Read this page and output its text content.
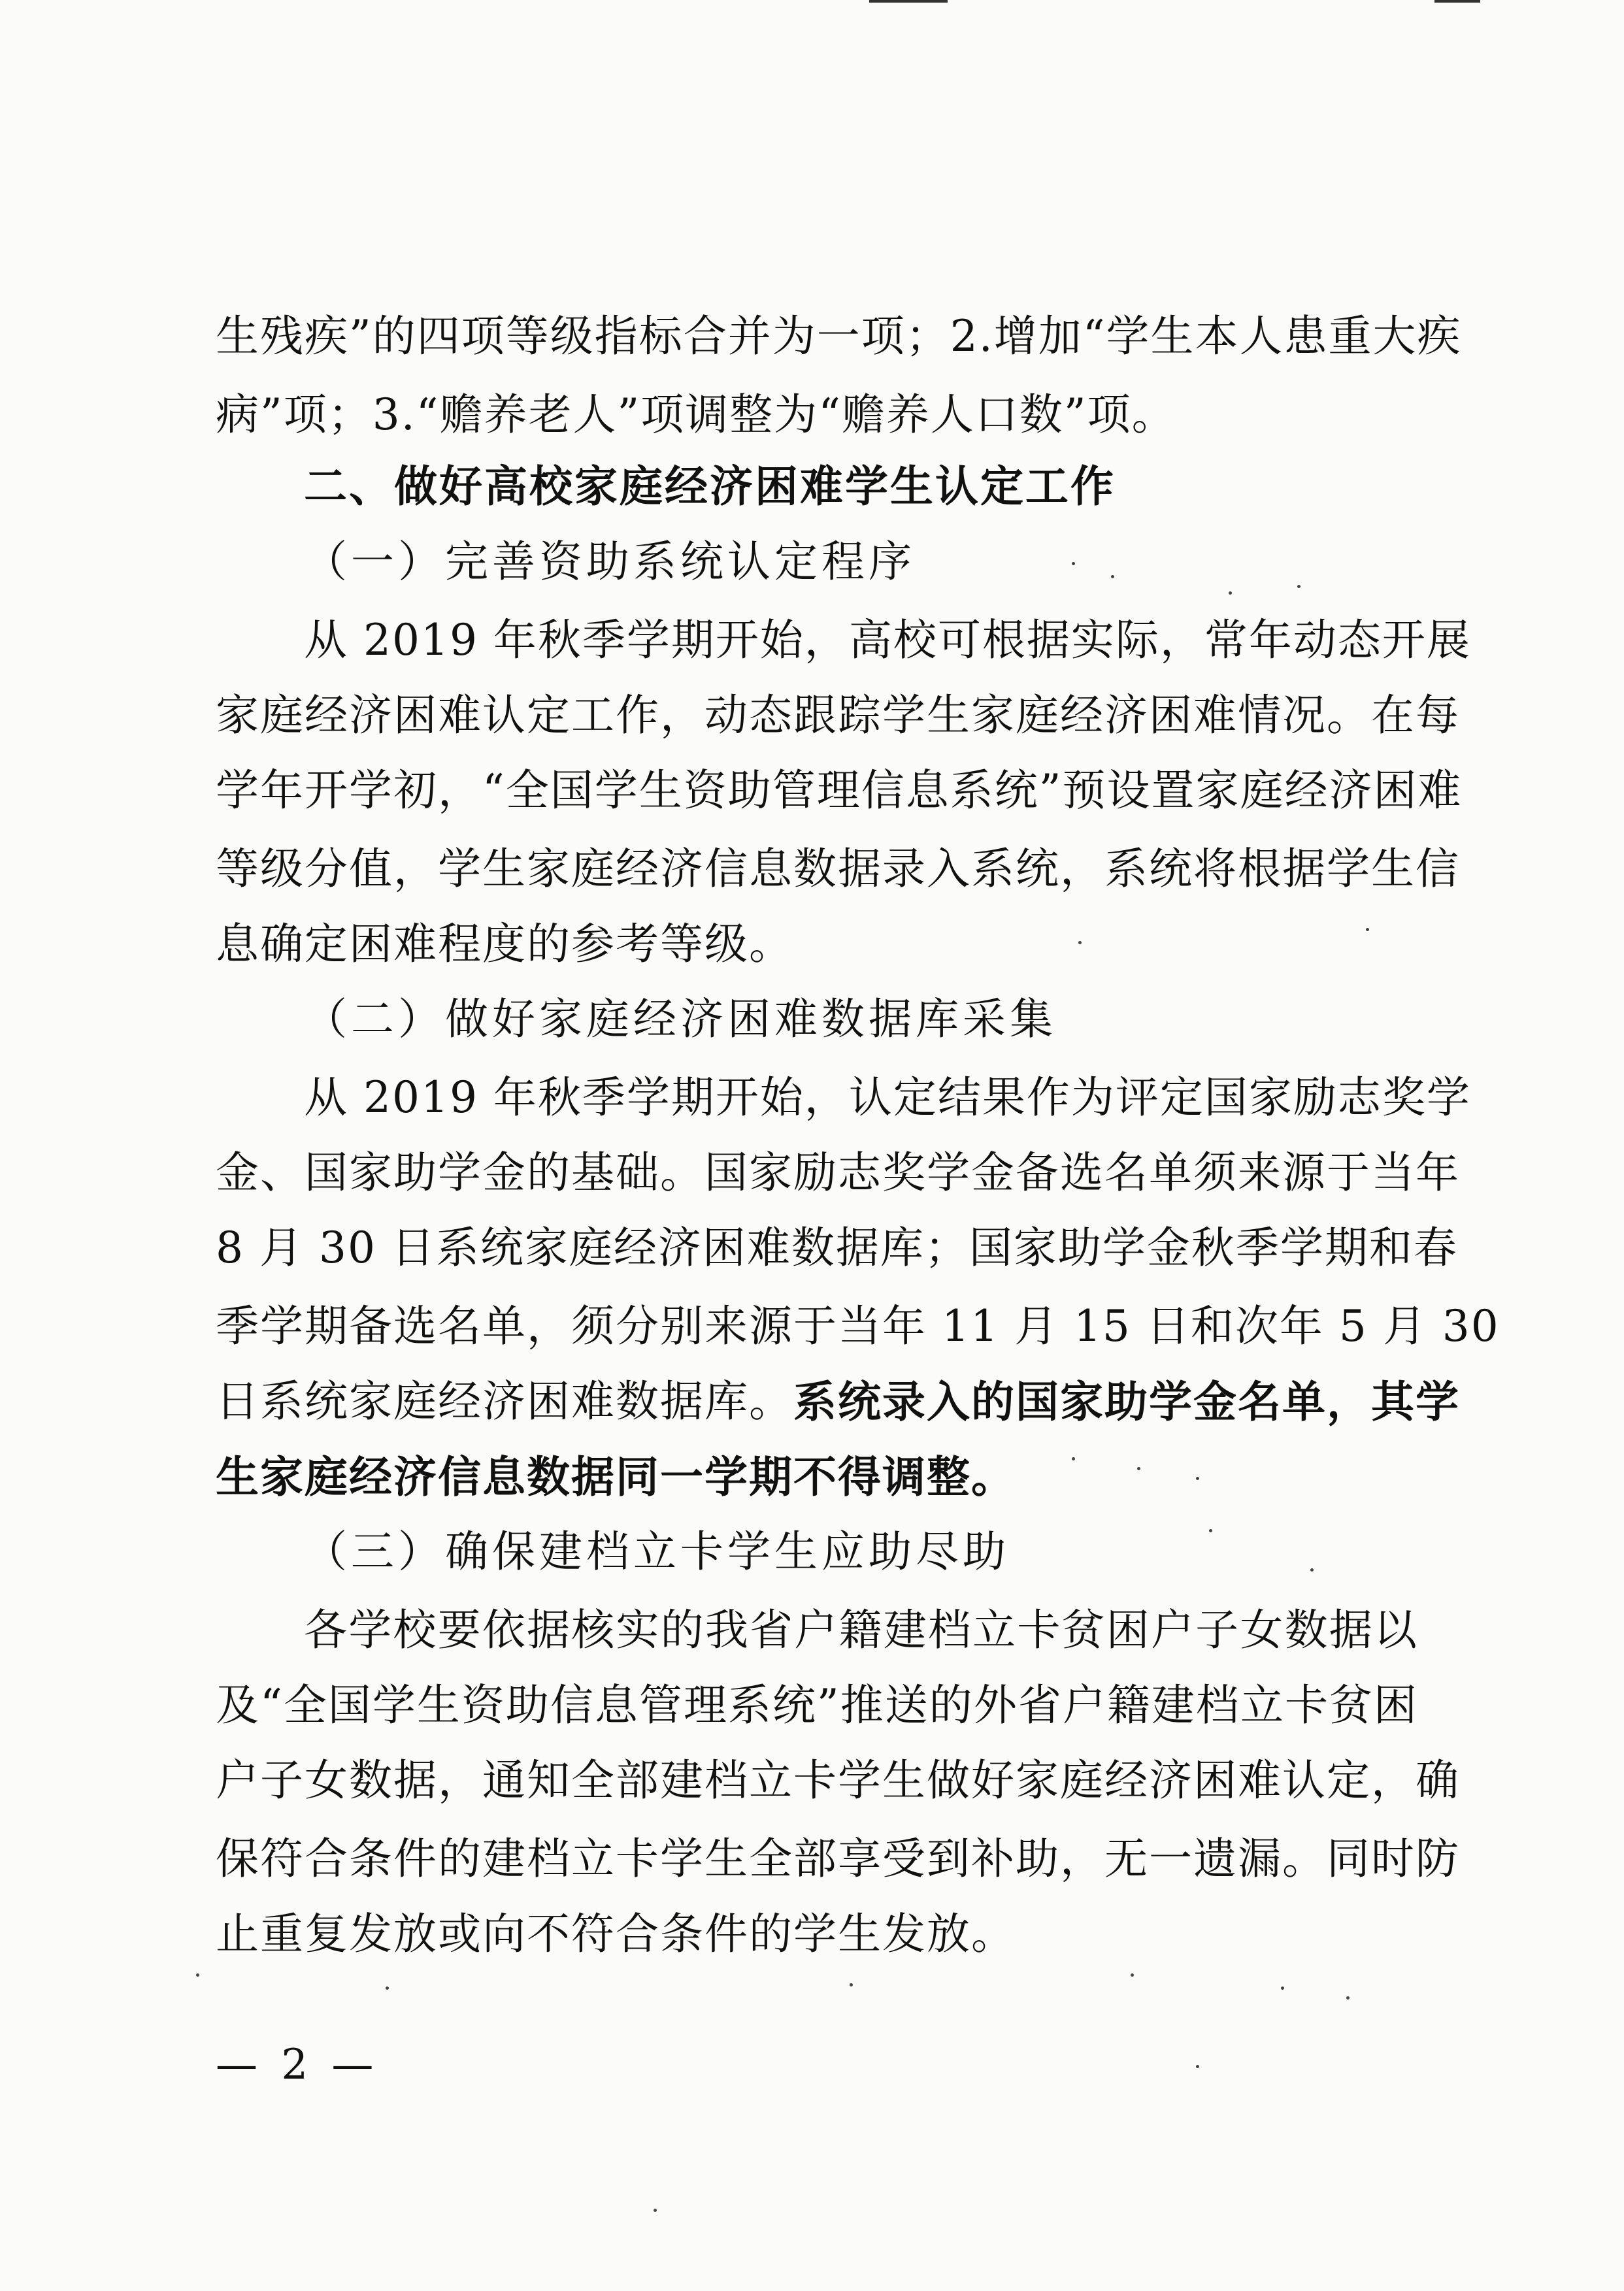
生残疾”的四项等级指标合并为一项；2.增加“学生本人患重大疾
病”项；3.“赡养老人”项调整为“赡养人口数”项。
二、做好高校家庭经济困难学生认定工作
（一）完善资助系统认定程序
从 2019 年秋季学期开始，高校可根据实际，常年动态开展
家庭经济困难认定工作，动态跟踪学生家庭经济困难情况。在每
学年开学初，“全国学生资助管理信息系统”预设置家庭经济困难
等级分值，学生家庭经济信息数据录入系统，系统将根据学生信
息确定困难程度的参考等级。
（二）做好家庭经济困难数据库采集
从 2019 年秋季学期开始，认定结果作为评定国家励志奖学
金、国家助学金的基础。国家励志奖学金备选名单须来源于当年
8 月 30 日系统家庭经济困难数据库；国家助学金秋季学期和春
季学期备选名单，须分别来源于当年 11 月 15 日和次年 5 月 30
日系统家庭经济困难数据库。 系统录入的国家助学金名单，其学
生家庭经济信息数据同一学期不得调整。
（三）确保建档立卡学生应助尽助
各学校要依据核实的我省户籍建档立卡贫困户子女数据以
及“全国学生资助信息管理系统”推送的外省户籍建档立卡贫困
户子女数据，通知全部建档立卡学生做好家庭经济困难认定，确
保符合条件的建档立卡学生全部享受到补助，无一遗漏。同时防
止重复发放或向不符合条件的学生发放。
— 2 —
